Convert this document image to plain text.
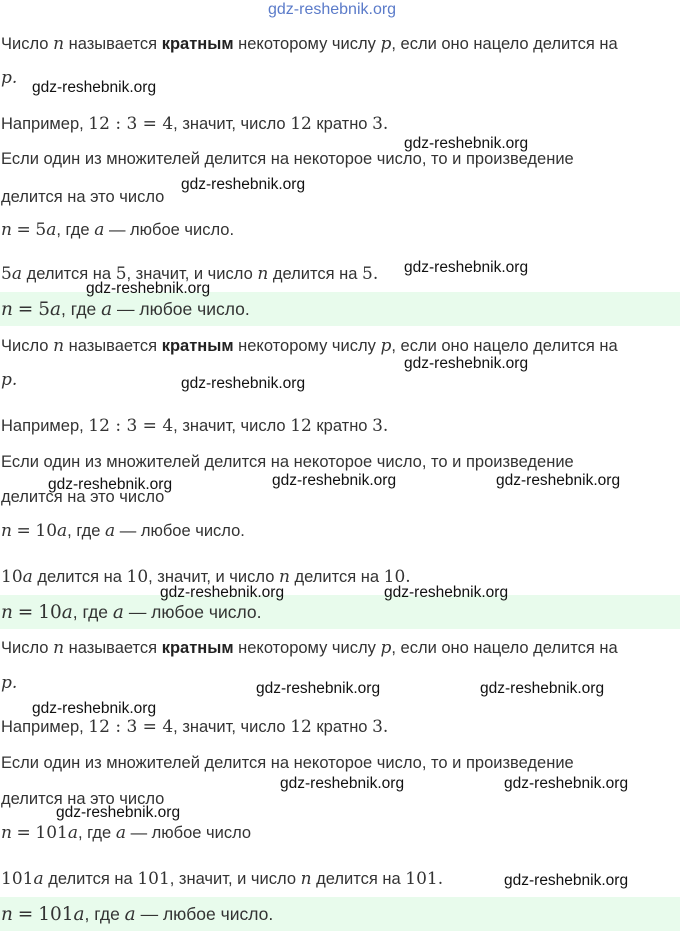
gdz-reshebnik.org
Число n называется кратным некоторому числу p, если оно нацело делится на
p.
Например, 12 : 3 = 4, значит, число 12 кратно 3.
Если один из множителей делится на некоторое число, то и произведение
делится на это число
n = 5a, где a — любое число.
5a делится на 5, значит, и число n делится на 5.
n = 5a, где a — любое число.
Число n называется кратным некоторому числу p, если оно нацело делится на
p.
Например, 12 : 3 = 4, значит, число 12 кратно 3.
Если один из множителей делится на некоторое число, то и произведение
делится на это число
n = 10a, где a — любое число.
10a делится на 10, значит, и число n делится на 10.
n = 10a, где a — любое число.
Число n называется кратным некоторому числу p, если оно нацело делится на
p.
Например, 12 : 3 = 4, значит, число 12 кратно 3.
Если один из множителей делится на некоторое число, то и произведение
делится на это число
n = 101a, где a — любое число
101a делится на 101, значит, и число n делится на 101.
n = 101a, где a — любое число.
gdz-reshebnik.org
gdz-reshebnik.org
gdz-reshebnik.org
gdz-reshebnik.org
gdz-reshebnik.org
gdz-reshebnik.org
gdz-reshebnik.org
gdz-reshebnik.org	gdz-reshebnik.org
gdz-reshebnik.org
gdz-reshebnik.org	gdz-reshebnik.org
gdz-reshebnik.org	gdz-reshebnik.org
gdz-reshebnik.org
gdz-reshebnik.org	gdz-reshebnik.org
gdz-reshebnik.org
gdz-reshebnik.org
